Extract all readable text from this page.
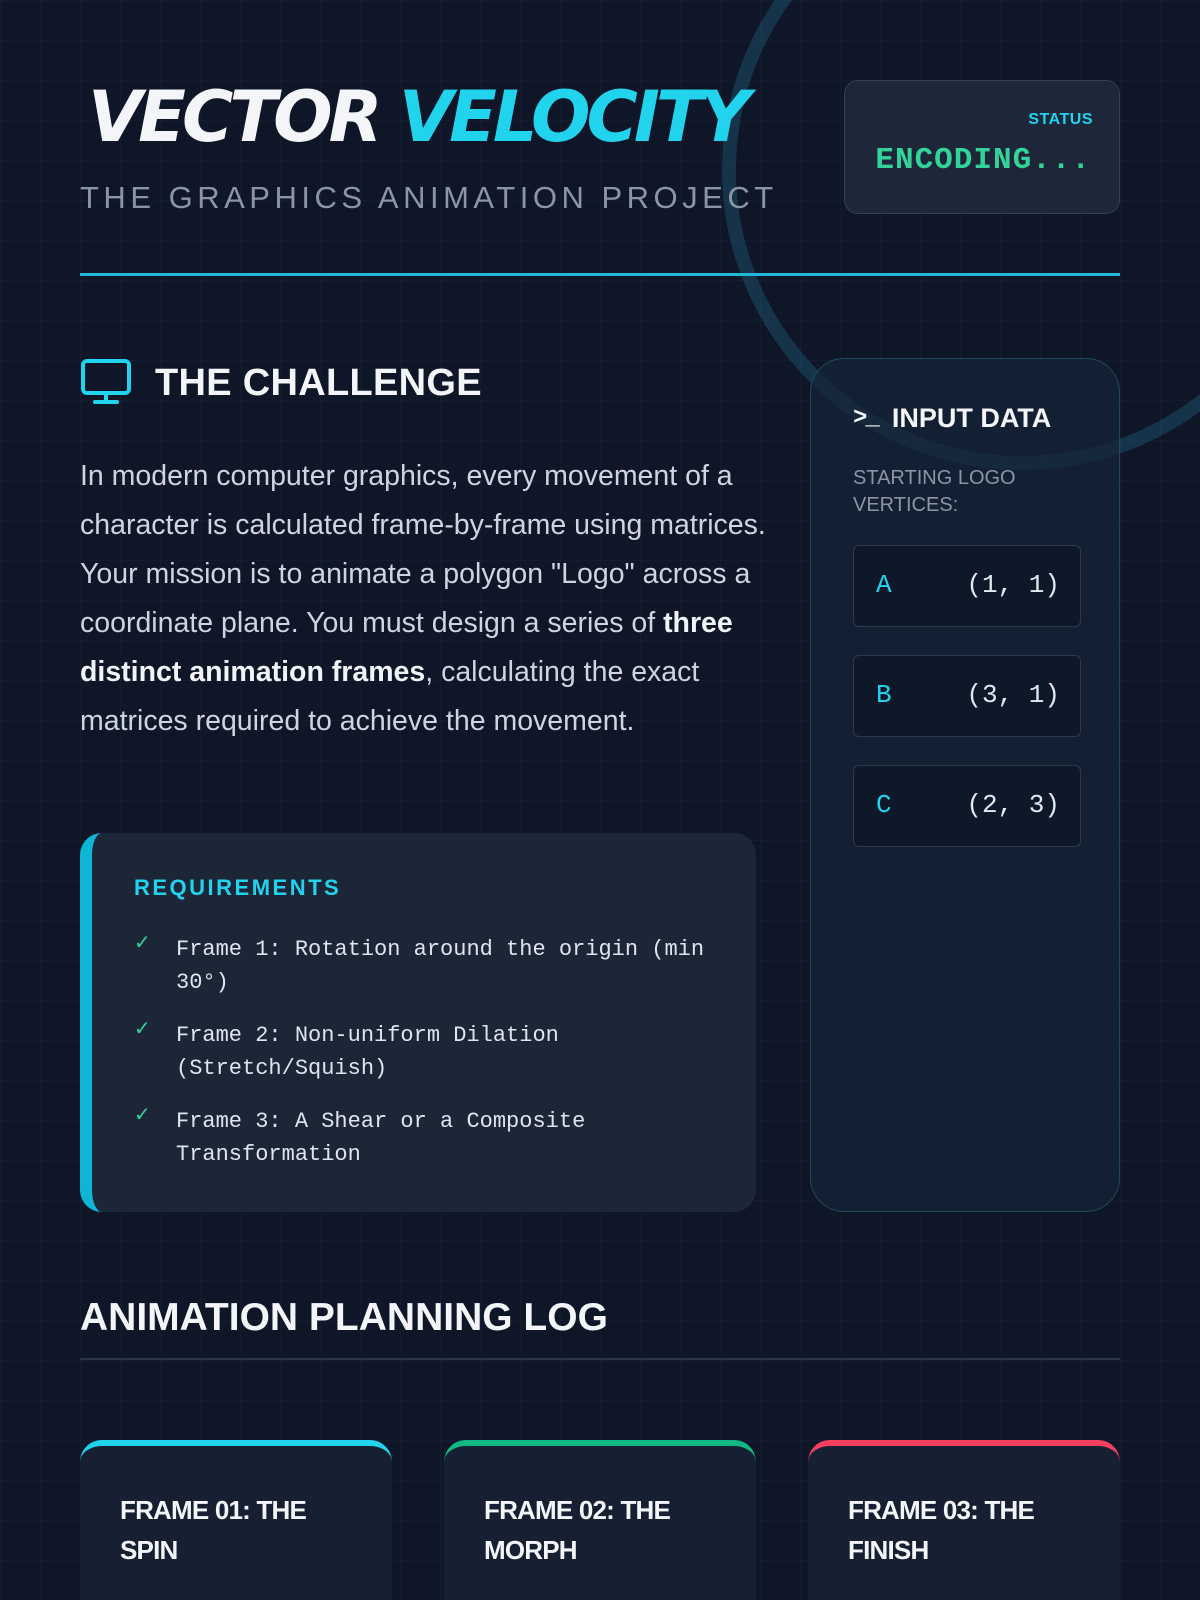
VECTOR VELOCITY
THE GRAPHICS ANIMATION PROJECT
STATUS
ENCODING...
THE CHALLENGE

In modern computer graphics, every movement of a character is calculated frame-by-frame using matrices. Your mission is to animate a polygon "Logo" across a coordinate plane. You must design a series of three distinct animation frames, calculating the exact matrices required to achieve the movement.

REQUIREMENTS
✓ Frame 1: Rotation around the origin (min 30°)
✓ Frame 2: Non-uniform Dilation (Stretch/Squish)
✓ Frame 3: A Shear or a Composite Transformation
>_ INPUT DATA
STARTING LOGO VERTICES:
A	(1, 1)
B	(3, 1)
C	(2, 3)
ANIMATION PLANNING LOG
FRAME 01: THE SPIN
FRAME 02: THE MORPH
FRAME 03: THE FINISH
